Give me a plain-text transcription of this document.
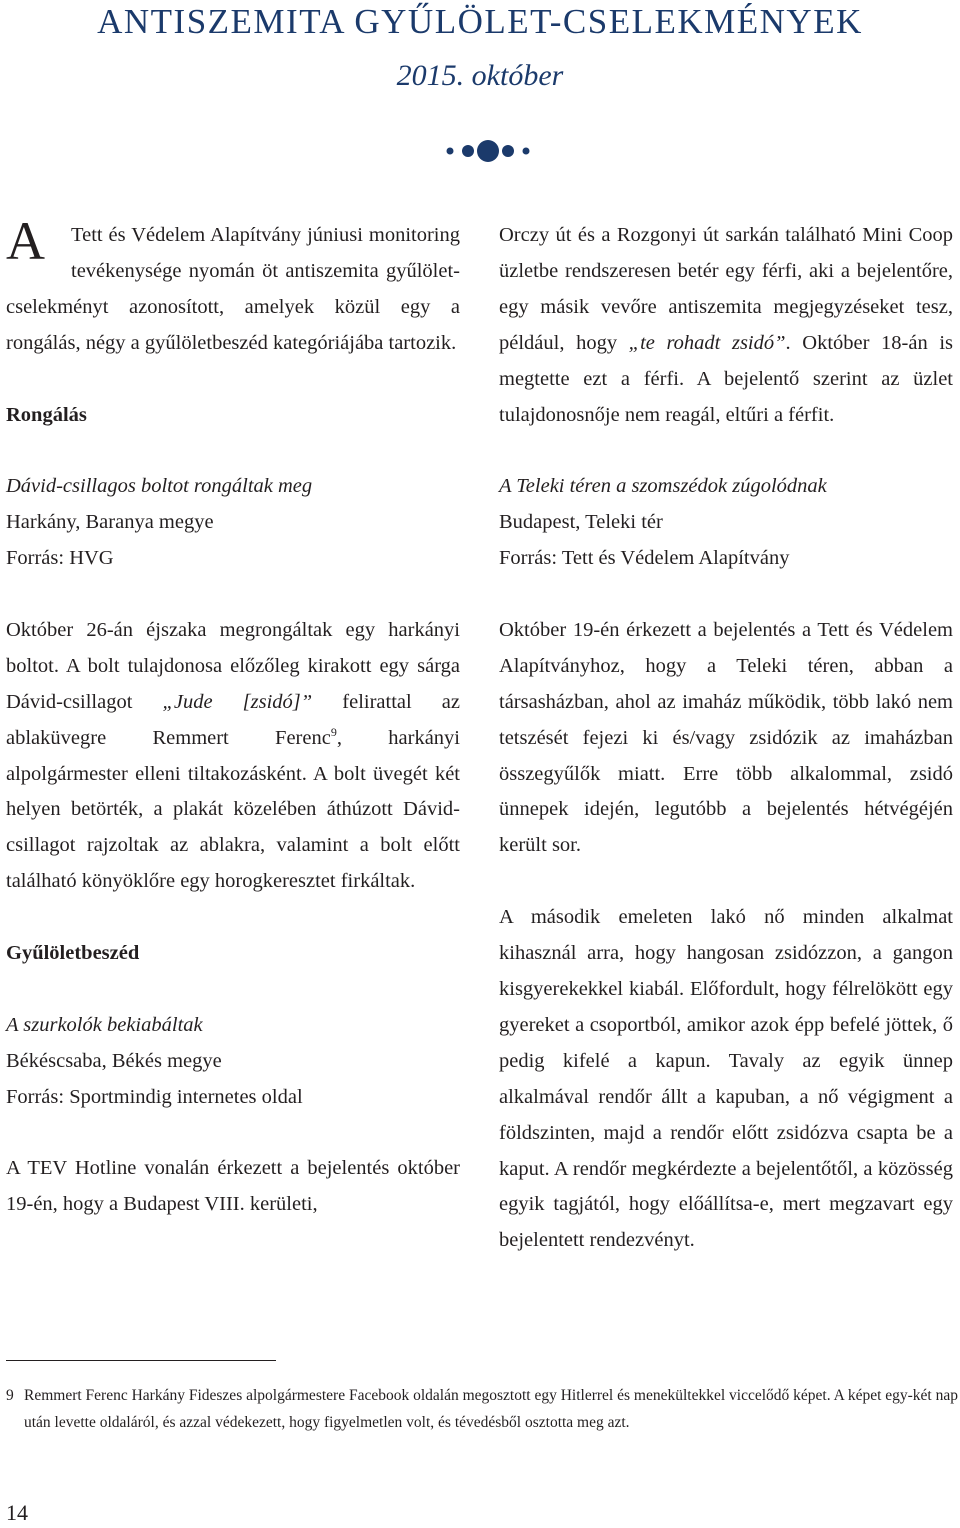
ANTISZEMITA GYŰLÖLET-CSELEKMÉNYEK
2015. október

A Tett és Védelem Alapítvány júniusi monitoring tevékenysége nyomán öt antiszemita gyűlölet-cselekményt azonosított, amelyek közül egy a rongálás, négy a gyűlöletbeszéd kategóriájába tartozik.

Rongálás

Dávid-csillagos boltot rongáltak meg

Harkány, Baranya megye

Forrás: HVG

Október 26-án éjszaka megrongáltak egy harkányi boltot. A bolt tulajdonosa előzőleg kirakott egy sárga Dávid-csillagot „Jude [zsidó]” felirattal az ablaküvegre Remmert Ferenc$^9$, harkányi alpolgármester elleni tiltakozásként. A bolt üvegét két helyen betörték, a plakát közelében áthúzott Dávid-csillagot rajzoltak az ablakra, valamint a bolt előtt található könyöklőre egy horogkeresztet firkáltak.

Gyűlöletbeszéd

A szurkolók bekiabáltak

Békéscsaba, Békés megye

Forrás: Sportmindig internetes oldal

A TEV Hotline vonalán érkezett a bejelentés október 19-én, hogy a Budapest VIII. kerületi,

Orczy út és a Rozgonyi út sarkán található Mini Coop üzletbe rendszeresen betér egy férfi, aki a bejelentőre, egy másik vevőre antiszemita megjegyzéseket tesz, például, hogy „te rohadt zsidó”. Október 18-án is megtette ezt a férfi. A bejelentő szerint az üzlet tulajdonosnője nem reagál, eltűri a férfit.

A Teleki téren a szomszédok zúgolódnak

Budapest, Teleki tér

Forrás: Tett és Védelem Alapítvány

Október 19-én érkezett a bejelentés a Tett és Védelem Alapítványhoz, hogy a Teleki téren, abban a társasházban, ahol az imaház működik, több lakó nem tetszését fejezi ki és/vagy zsidózik az imaházban összegyűlők miatt. Erre több alkalommal, zsidó ünnepek idején, legutóbb a bejelentés hétvégéjén került sor.

A második emeleten lakó nő minden alkalmat kihasznál arra, hogy hangosan zsidózzon, a gangon kisgyerekekkel kiabál. Előfordult, hogy félrelökött egy gyereket a csoportból, amikor azok épp befelé jöttek, ő pedig kifelé a kapun. Tavaly az egyik ünnep alkalmával rendőr állt a kapuban, a nő végigment a földszinten, majd a rendőr előtt zsidózva csapta be a kaput. A rendőr megkérdezte a bejelentőtől, a közösség egyik tagjától, hogy előállítsa-e, mert megzavart egy bejelentett rendezvényt.

9 Remmert Ferenc Harkány Fideszes alpolgármestere Facebook oldalán megosztott egy Hitlerrel és menekültekkel viccelődő képet. A képet egy-két nap után levette oldaláról, és azzal védekezett, hogy figyelmetlen volt, és tévedésből osztotta meg azt.
14
